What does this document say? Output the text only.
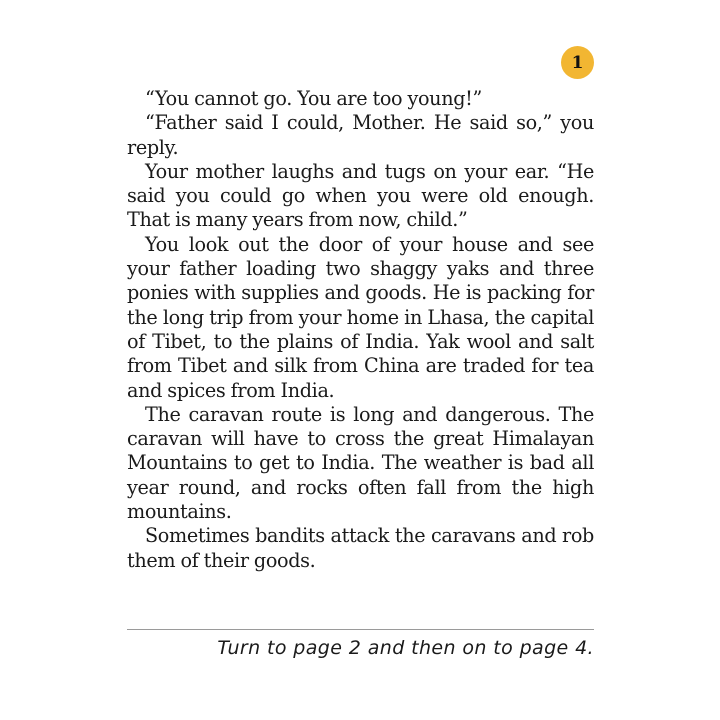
1

“You cannot go. You are too young!”

“Father said I could, Mother. He said so,” you reply.

Your mother laughs and tugs on your ear. “He said you could go when you were old enough. That is many years from now, child.”

You look out the door of your house and see your father loading two shaggy yaks and three ponies with supplies and goods. He is packing for the long trip from your home in Lhasa, the capital of Tibet, to the plains of India. Yak wool and salt from Tibet and silk from China are traded for tea and spices from India.

The caravan route is long and dangerous. The caravan will have to cross the great Himalayan Mountains to get to India. The weather is bad all year round, and rocks often fall from the high mountains.

Sometimes bandits attack the caravans and rob them of their goods.

Turn to page 2 and then on to page 4.
